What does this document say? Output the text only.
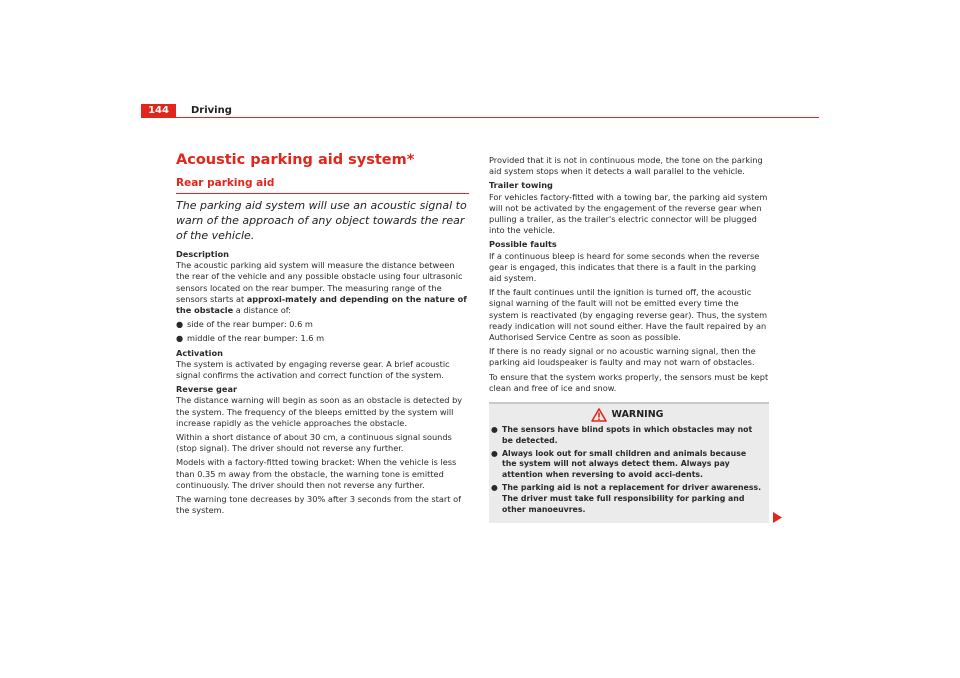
144	Driving
Acoustic parking aid system*
Rear parking aid
The parking aid system will use an acoustic signal to warn of the approach of any object towards the rear of the vehicle.
Description

The acoustic parking aid system will measure the distance between the rear of the vehicle and any possible obstacle using four ultrasonic sensors located on the rear bumper. The measuring range of the sensors starts at approxi-mately and depending on the nature of the obstacle a distance of:

● side of the rear bumper: 0.6 m
● middle of the rear bumper: 1.6 m
Activation

The system is activated by engaging reverse gear. A brief acoustic signal confirms the activation and correct function of the system.

Reverse gear

The distance warning will begin as soon as an obstacle is detected by the system. The frequency of the bleeps emitted by the system will increase rapidly as the vehicle approaches the obstacle.

Within a short distance of about 30 cm, a continuous signal sounds (stop signal). The driver should not reverse any further.

Models with a factory-fitted towing bracket: When the vehicle is less than 0.35 m away from the obstacle, the warning tone is emitted continuously. The driver should then not reverse any further.

The warning tone decreases by 30% after 3 seconds from the start of the system.

Provided that it is not in continuous mode, the tone on the parking aid system stops when it detects a wall parallel to the vehicle.

Trailer towing

For vehicles factory-fitted with a towing bar, the parking aid system will not be activated by the engagement of the reverse gear when pulling a trailer, as the trailer's electric connector will be plugged into the vehicle.

Possible faults

If a continuous bleep is heard for some seconds when the reverse gear is engaged, this indicates that there is a fault in the parking aid system.

If the fault continues until the ignition is turned off, the acoustic signal warning of the fault will not be emitted every time the system is reactivated (by engaging reverse gear). Thus, the system ready indication will not sound either. Have the fault repaired by an Authorised Service Centre as soon as possible.

If there is no ready signal or no acoustic warning signal, then the parking aid loudspeaker is faulty and may not warn of obstacles.

To ensure that the system works properly, the sensors must be kept clean and free of ice and snow.

WARNING
● The sensors have blind spots in which obstacles may not be detected.
● Always look out for small children and animals because the system will not always detect them. Always pay attention when reversing to avoid acci-dents.
● The parking aid is not a replacement for driver awareness. The driver must take full responsibility for parking and other manoeuvres.
